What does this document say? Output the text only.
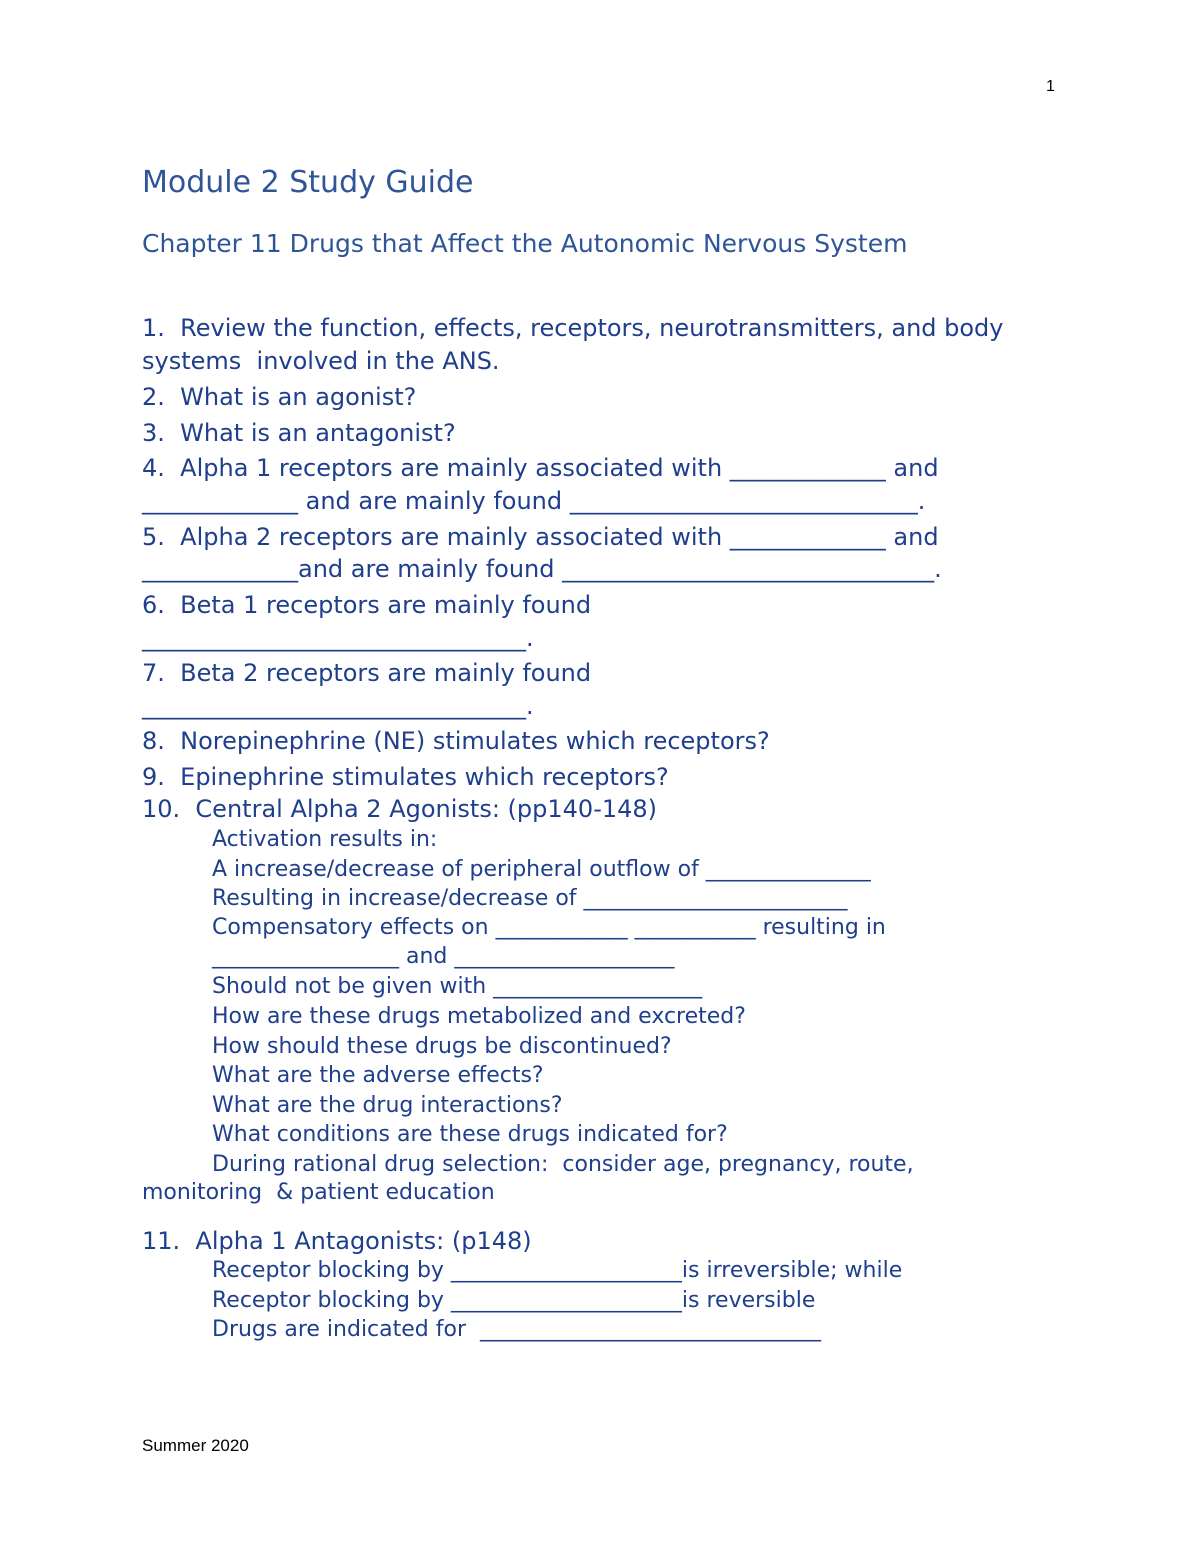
1
Module 2 Study Guide
Chapter 11 Drugs that Affect the Autonomic Nervous System
1.  Review the function, effects, receptors, neurotransmitters, and body
systems  involved in the ANS.
2.  What is an agonist?
3.  What is an antagonist?
4.  Alpha 1 receptors are mainly associated with _____________ and
_____________ and are mainly found _____________________________.
5.  Alpha 2 receptors are mainly associated with _____________ and
_____________and are mainly found _______________________________.
6.  Beta 1 receptors are mainly found
________________________________.
7.  Beta 2 receptors are mainly found
________________________________.
8.  Norepinephrine (NE) stimulates which receptors?
9.  Epinephrine stimulates which receptors?
10.  Central Alpha 2 Agonists: (pp140-148)
Activation results in:
A increase/decrease of peripheral outflow of _______________
Resulting in increase/decrease of ________________________
Compensatory effects on ____________ ___________ resulting in
_________________ and ____________________
Should not be given with ___________________
How are these drugs metabolized and excreted?
How should these drugs be discontinued?
What are the adverse effects?
What are the drug interactions?
What conditions are these drugs indicated for?
During rational drug selection:  consider age, pregnancy, route,
monitoring  & patient education
11.  Alpha 1 Antagonists: (p148)
Receptor blocking by _____________________is irreversible; while
Receptor blocking by _____________________is reversible
Drugs are indicated for  _______________________________
Summer 2020
